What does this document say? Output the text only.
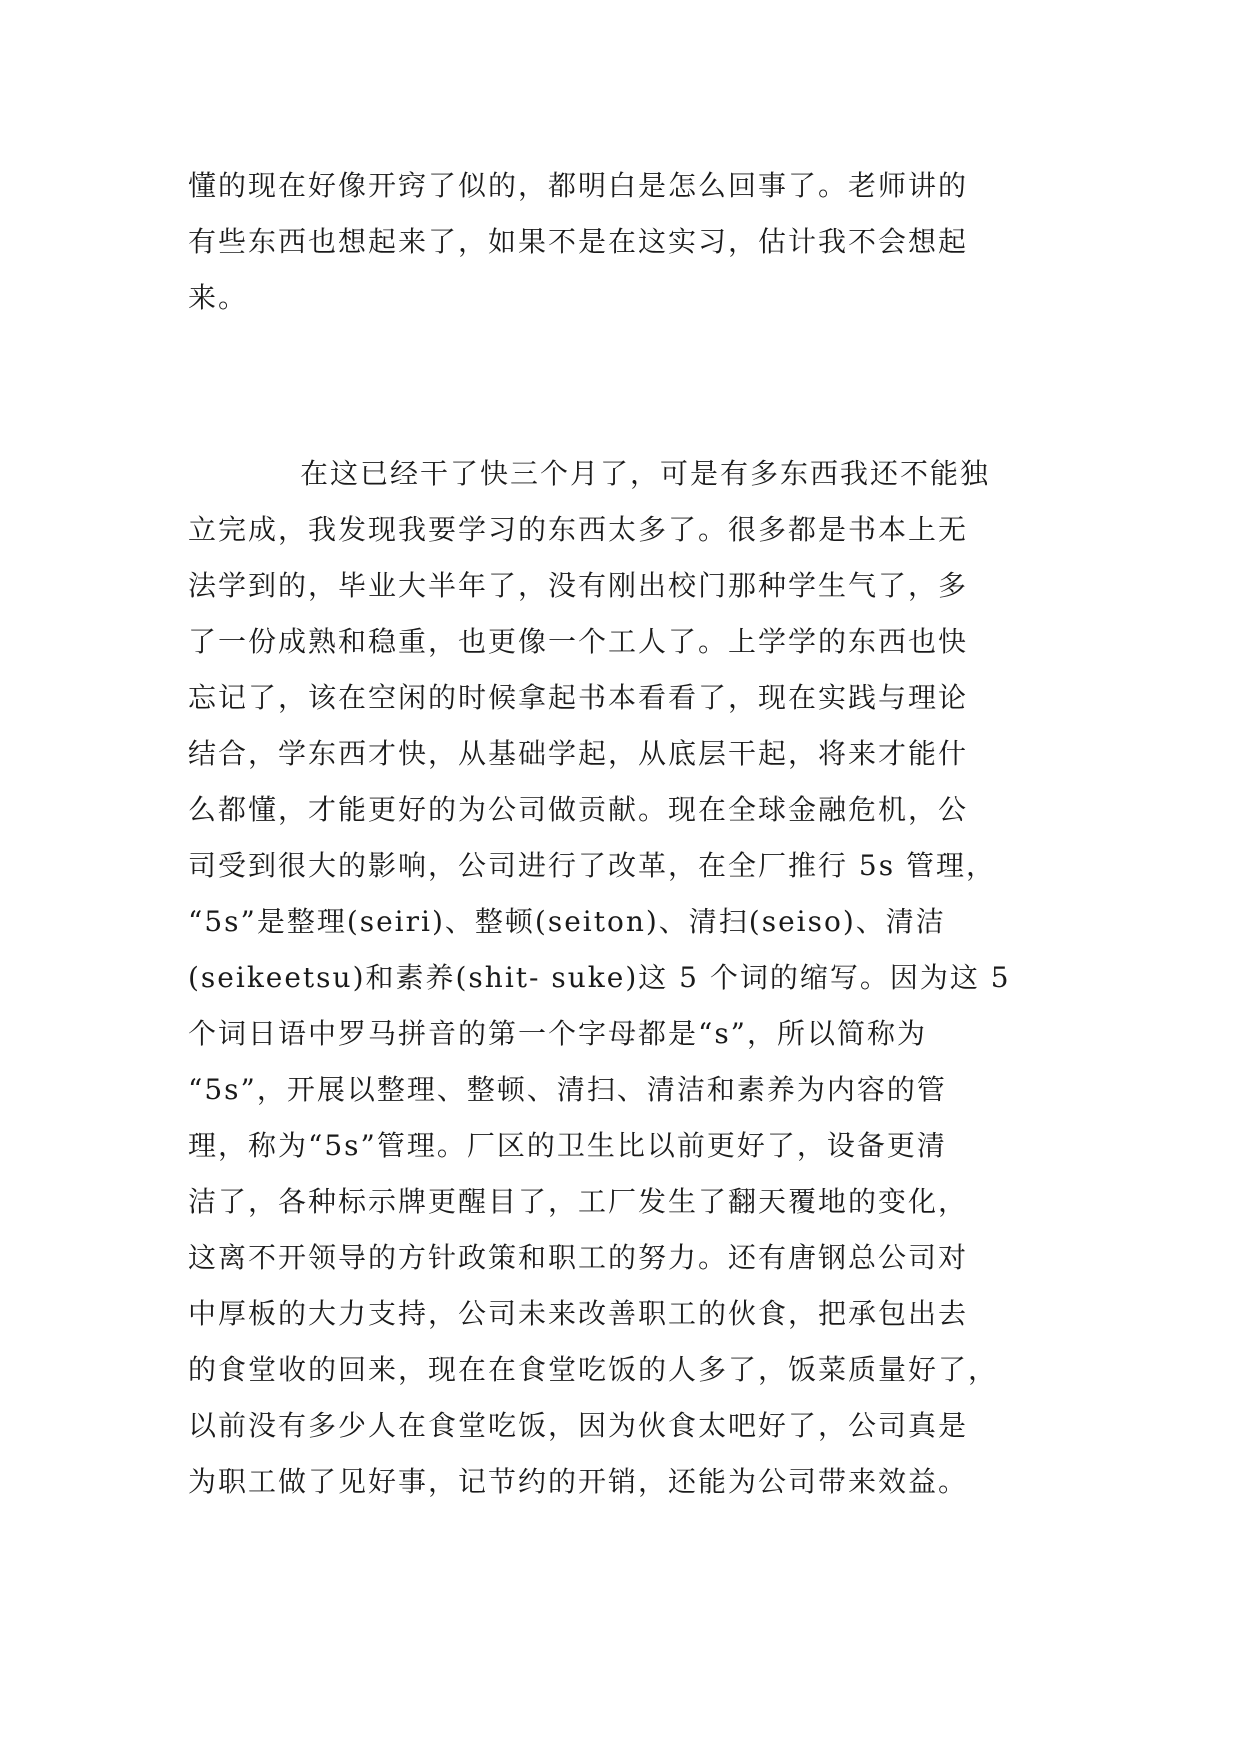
懂的现在好像开窍了似的，都明白是怎么回事了。老师讲的
有些东西也想起来了，如果不是在这实习，估计我不会想起
来。
在这已经干了快三个月了，可是有多东西我还不能独
立完成，我发现我要学习的东西太多了。很多都是书本上无
法学到的，毕业大半年了，没有刚出校门那种学生气了，多
了一份成熟和稳重，也更像一个工人了。上学学的东西也快
忘记了，该在空闲的时候拿起书本看看了，现在实践与理论
结合，学东西才快，从基础学起，从底层干起，将来才能什
么都懂，才能更好的为公司做贡献。现在全球金融危机，公
司受到很大的影响，公司进行了改革，在全厂推行 5s 管理，
“5s”是整理(seiri)、整顿(seiton)、清扫(seiso)、清洁
(seikeetsu)和素养(shit- suke)这 5 个词的缩写。因为这 5
个词日语中罗马拼音的第一个字母都是“s”，所以简称为
“5s”，开展以整理、整顿、清扫、清洁和素养为内容的管
理，称为“5s”管理。厂区的卫生比以前更好了，设备更清
洁了，各种标示牌更醒目了，工厂发生了翻天覆地的变化，
这离不开领导的方针政策和职工的努力。还有唐钢总公司对
中厚板的大力支持，公司未来改善职工的伙食，把承包出去
的食堂收的回来，现在在食堂吃饭的人多了，饭菜质量好了，
以前没有多少人在食堂吃饭，因为伙食太吧好了，公司真是
为职工做了见好事，记节约的开销，还能为公司带来效益。
